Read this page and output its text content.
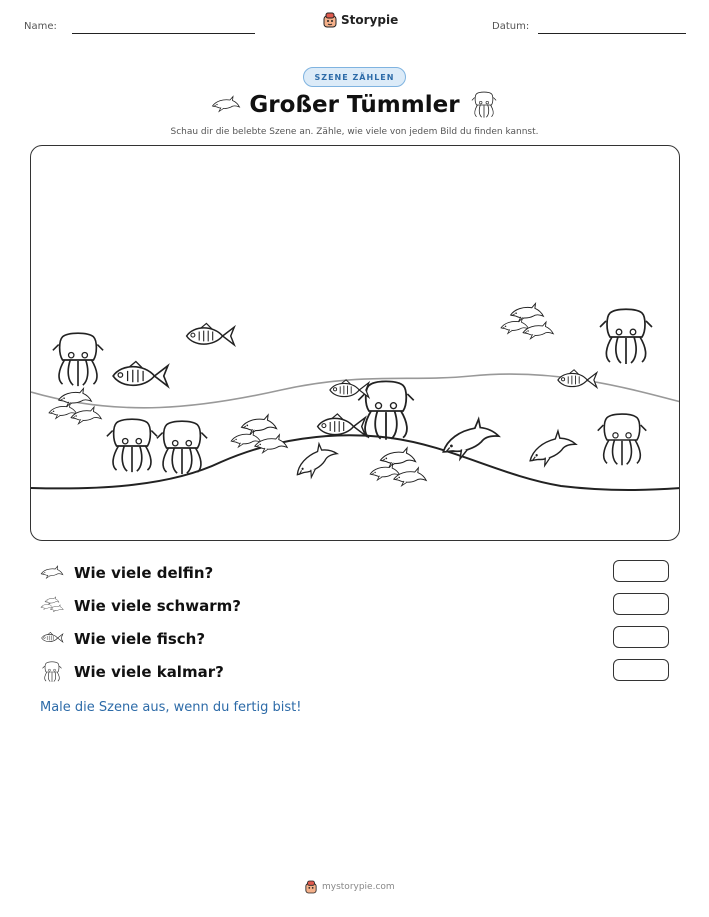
Name:	Storypie	Datum:
SZENE ZÄHLEN
Großer Tümmler
Schau dir die belebte Szene an. Zähle, wie viele von jedem Bild du finden kannst.
Wie viele delfin?
Wie viele schwarm?
Wie viele fisch?
Wie viele kalmar?
Male die Szene aus, wenn du fertig bist!
mystorypie.com
